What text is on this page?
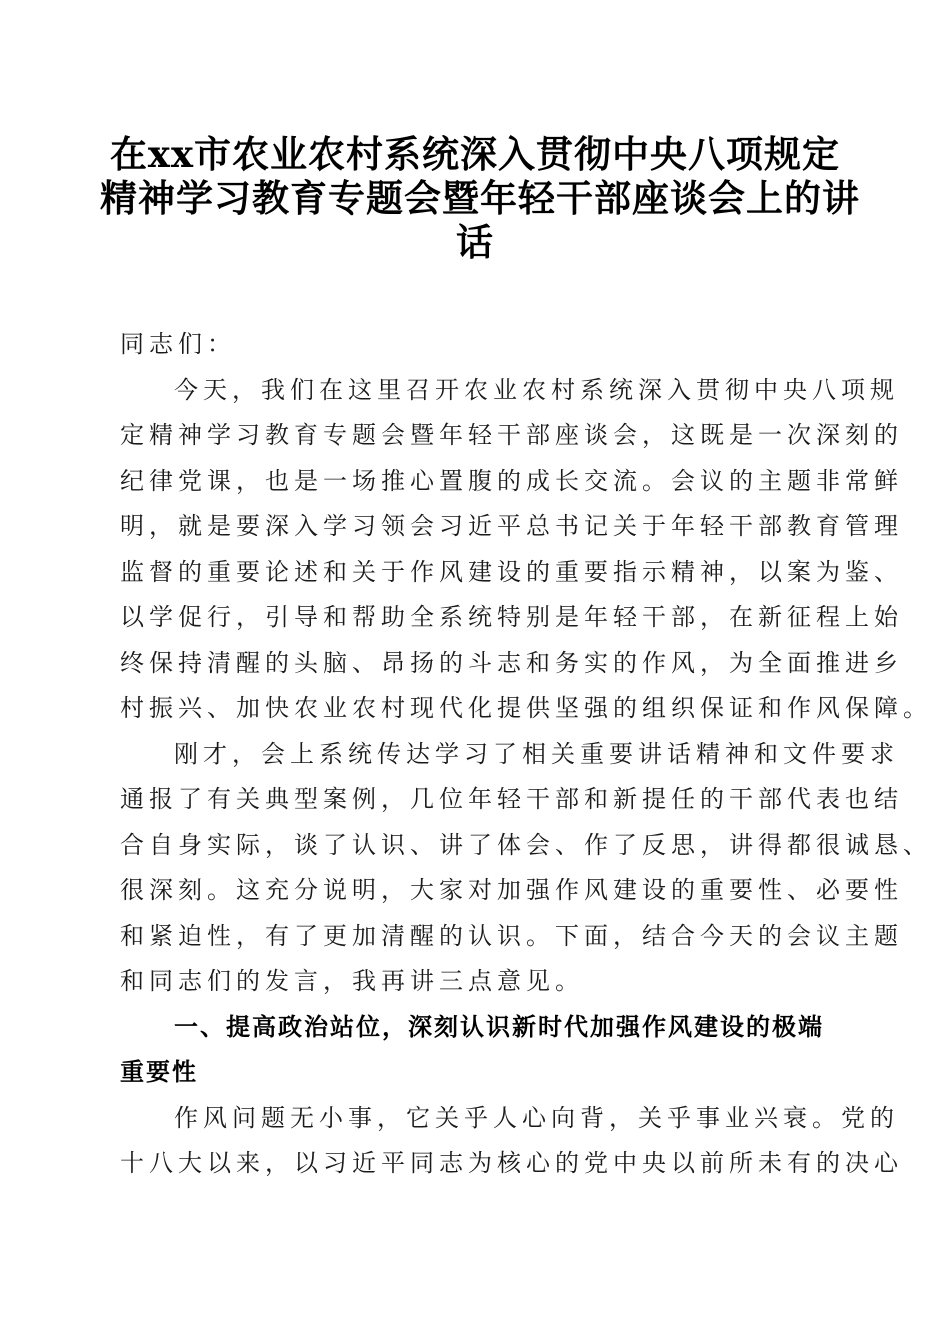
在xx市农业农村系统深入贯彻中央八项规定
精神学习教育专题会暨年轻干部座谈会上的讲
话
同志们：
今天，我们在这里召开农业农村系统深入贯彻中央八项规
定精神学习教育专题会暨年轻干部座谈会，这既是一次深刻的
纪律党课，也是一场推心置腹的成长交流。会议的主题非常鲜
明，就是要深入学习领会习近平总书记关于年轻干部教育管理
监督的重要论述和关于作风建设的重要指示精神，以案为鉴、
以学促行，引导和帮助全系统特别是年轻干部，在新征程上始
终保持清醒的头脑、昂扬的斗志和务实的作风，为全面推进乡
村振兴、加快农业农村现代化提供坚强的组织保证和作风保障。
刚才，会上系统传达学习了相关重要讲话精神和文件要求
通报了有关典型案例，几位年轻干部和新提任的干部代表也结
合自身实际，谈了认识、讲了体会、作了反思，讲得都很诚恳、
很深刻。这充分说明，大家对加强作风建设的重要性、必要性
和紧迫性，有了更加清醒的认识。下面，结合今天的会议主题
和同志们的发言，我再讲三点意见。
一、提高政治站位，深刻认识新时代加强作风建设的极端
重要性
作风问题无小事，它关乎人心向背，关乎事业兴衰。党的
十八大以来，以习近平同志为核心的党中央以前所未有的决心
